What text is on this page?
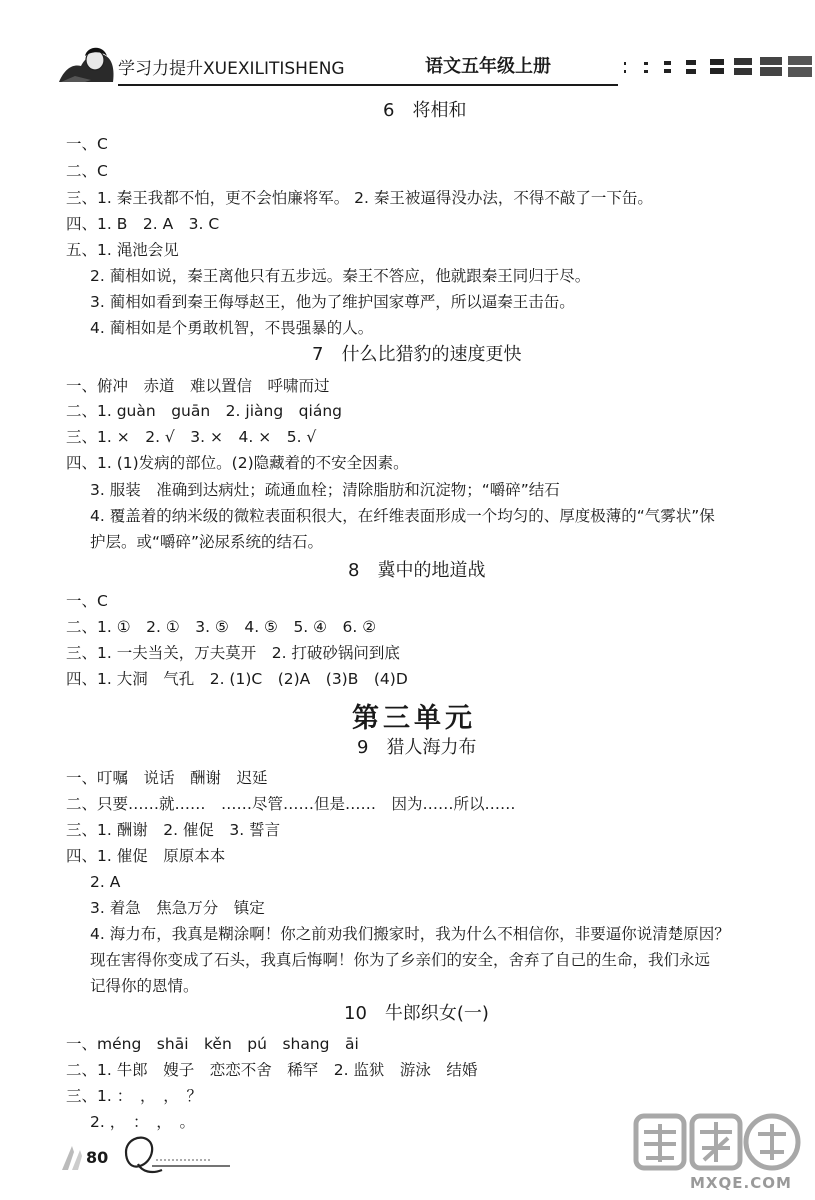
学习力提升XUEXILITISHENG	语文五年级上册
6　将相和
一、C
二、C
三、1. 秦王我都不怕，更不会怕廉将军。 2. 秦王被逼得没办法，不得不敲了一下缶。
四、1. B　2. A　3. C
五、1. 渑池会见
2. 蔺相如说，秦王离他只有五步远。秦王不答应，他就跟秦王同归于尽。
3. 蔺相如看到秦王侮辱赵王，他为了维护国家尊严，所以逼秦王击缶。
4. 蔺相如是个勇敢机智，不畏强暴的人。
7　什么比猎豹的速度更快
一、俯冲　赤道　难以置信　呼啸而过
二、1. guàn　guān　2. jiàng　qiáng
三、1. ×　2. √　3. ×　4. ×　5. √
四、1. (1)发病的部位。(2)隐藏着的不安全因素。
3. 服装　准确到达病灶；疏通血栓；清除脂肪和沉淀物；“嚼碎”结石
4. 覆盖着的纳米级的微粒表面积很大，在纤维表面形成一个均匀的、厚度极薄的“气雾状”保
护层。或“嚼碎”泌尿系统的结石。
8　冀中的地道战
一、C
二、1. ①　2. ①　3. ⑤　4. ⑤　5. ④　6. ②
三、1. 一夫当关，万夫莫开　2. 打破砂锅问到底
四、1. 大洞　气孔　2. (1)C　(2)A　(3)B　(4)D
第三单元
9　猎人海力布
一、叮嘱　说话　酬谢　迟延
二、只要……就……　……尽管……但是……　因为……所以……
三、1. 酬谢　2. 催促　3. 誓言
四、1. 催促　原原本本
2. A
3. 着急　焦急万分　镇定
4. 海力布，我真是糊涂啊！你之前劝我们搬家时，我为什么不相信你，非要逼你说清楚原因？
现在害得你变成了石头，我真后悔啊！你为了乡亲们的安全，舍弃了自己的生命，我们永远
记得你的恩情。
10　牛郎织女(一)
一、méng　shāi　kěn　pú　shang　āi
二、1. 牛郎　嫂子　恋恋不舍　稀罕　2. 监狱　游泳　结婚
三、1. ：　，　，　？
2. ，　：　，　。
80
MXQE.COM
